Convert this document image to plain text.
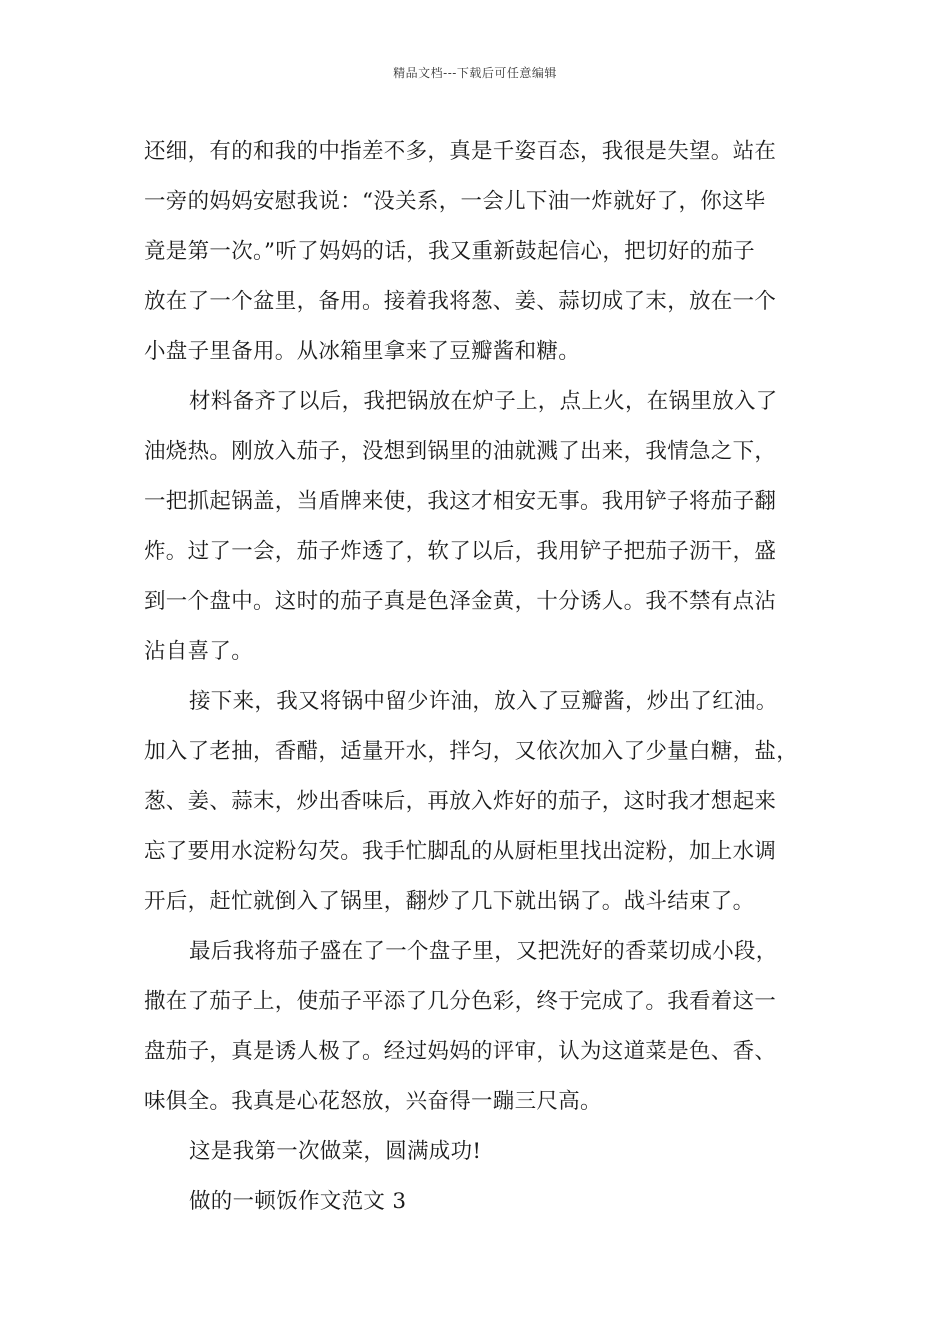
精品文档---下载后可任意编辑
还细，有的和我的中指差不多，真是千姿百态，我很是失望。站在
一旁的妈妈安慰我说：“没关系，一会儿下油一炸就好了，你这毕
竟是第一次。”听了妈妈的话，我又重新鼓起信心，把切好的茄子
放在了一个盆里，备用。接着我将葱、姜、蒜切成了末，放在一个
小盘子里备用。从冰箱里拿来了豆瓣酱和糖。
材料备齐了以后，我把锅放在炉子上，点上火，在锅里放入了
油烧热。刚放入茄子，没想到锅里的油就溅了出来，我情急之下，
一把抓起锅盖，当盾牌来使，我这才相安无事。我用铲子将茄子翻
炸。过了一会，茄子炸透了，软了以后，我用铲子把茄子沥干，盛
到一个盘中。这时的茄子真是色泽金黄，十分诱人。我不禁有点沾
沾自喜了。
接下来，我又将锅中留少许油，放入了豆瓣酱，炒出了红油。
加入了老抽，香醋，适量开水，拌匀，又依次加入了少量白糖，盐，
葱、姜、蒜末，炒出香味后，再放入炸好的茄子，这时我才想起来
忘了要用水淀粉勾芡。我手忙脚乱的从厨柜里找出淀粉，加上水调
开后，赶忙就倒入了锅里，翻炒了几下就出锅了。战斗结束了。
最后我将茄子盛在了一个盘子里，又把洗好的香菜切成小段，
撒在了茄子上，使茄子平添了几分色彩，终于完成了。我看着这一
盘茄子，真是诱人极了。经过妈妈的评审，认为这道菜是色、香、
味俱全。我真是心花怒放，兴奋得一蹦三尺高。
这是我第一次做菜，圆满成功!
做的一顿饭作文范文 3
